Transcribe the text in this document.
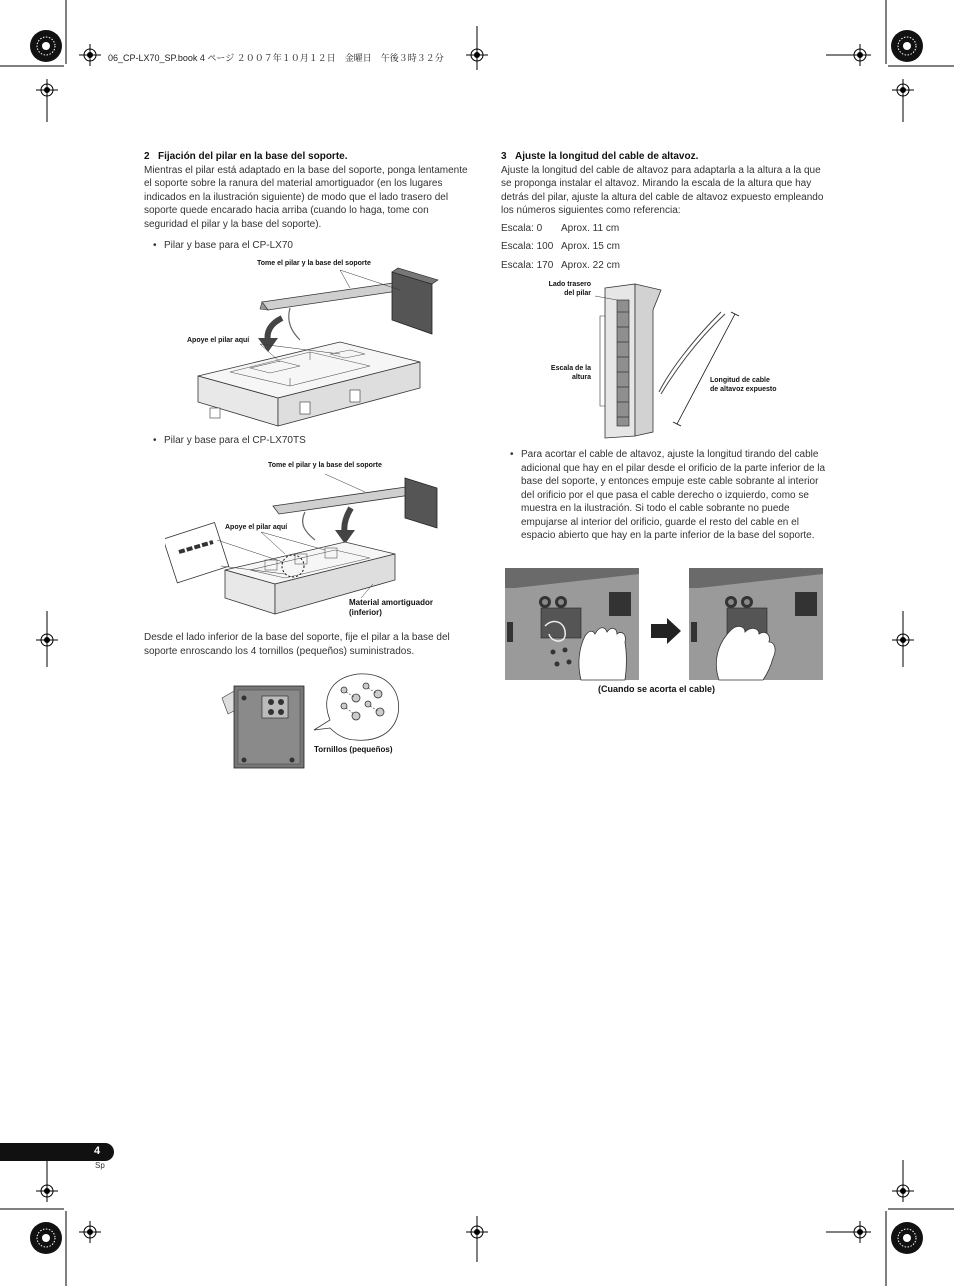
06_CP-LX70_SP.book 4 ページ ２００７年１０月１２日　金曜日　午後３時３２分

2 Fijación del pilar en la base del soporte.

Mientras el pilar está adaptado en la base del soporte, ponga lentamente el soporte sobre la ranura del material amortiguador (en los lugares indicados en la ilustración siguiente) de modo que el lado trasero del soporte quede encarado hacia arriba (cuando lo haga, tome con seguridad el pilar y la base del soporte).

• Pilar y base para el CP-LX70

Tome el pilar y la base del soporte
Apoye el pilar aquí

• Pilar y base para el CP-LX70TS

Tome el pilar y la base del soporte
Apoye el pilar aquí
Material amortiguador
(inferior)

Desde el lado inferior de la base del soporte, fije el pilar a la base del soporte enroscando los 4 tornillos (pequeños) suministrados.

Tornillos (pequeños)

3 Ajuste la longitud del cable de altavoz.

Ajuste la longitud del cable de altavoz para adaptarla a la altura a la que se proponga instalar el altavoz. Mirando la escala de la altura que hay detrás del pilar, ajuste la altura del cable de altavoz expuesto empleando los números siguientes como referencia:

Escala: 0 Aprox. 11 cm
Escala: 100 Aprox. 15 cm
Escala: 170 Aprox. 22 cm
Lado trasero
del pilar
Escala de la
altura	Longitud de cable
de altavoz expuesto

• Para acortar el cable de altavoz, ajuste la longitud tirando del cable adicional que hay en el pilar desde el orificio de la parte inferior de la base del soporte, y entonces empuje este cable sobrante al interior del orificio por el que pasa el cable derecho o izquierdo, como se muestra en la ilustración. Si todo el cable sobrante no puede empujarse al interior del orificio, guarde el resto del cable en el espacio abierto que hay en la parte inferior de la base del soporte.

(Cuando se acorta el cable)
4
Sp
